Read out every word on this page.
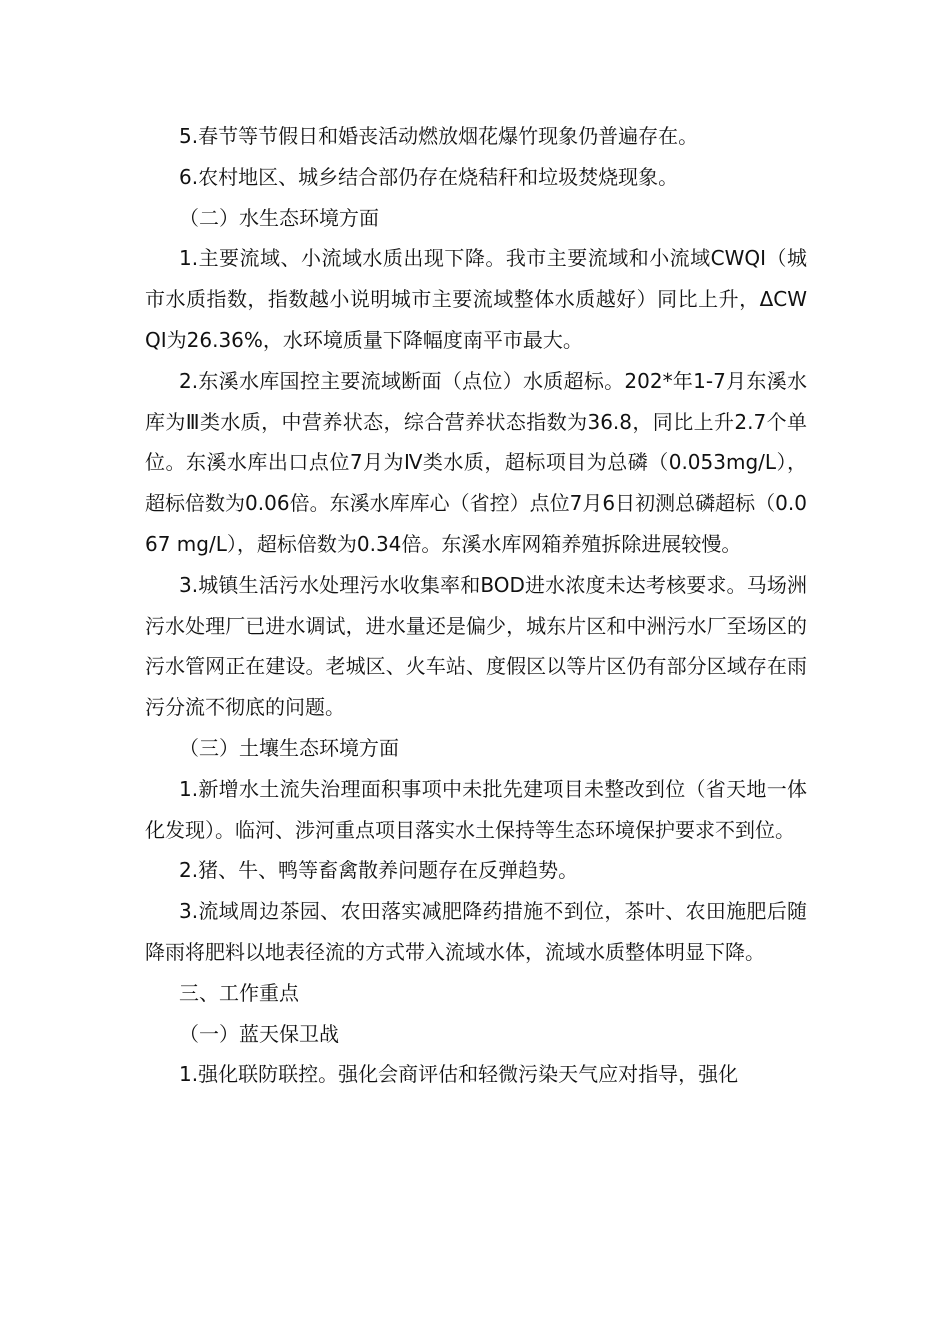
5.春节等节假日和婚丧活动燃放烟花爆竹现象仍普遍存在。

6.农村地区、城乡结合部仍存在烧秸秆和垃圾焚烧现象。

（二）水生态环境方面

1.主要流域、小流域水质出现下降。我市主要流域和小流域CWQI（城市水质指数，指数越小说明城市主要流域整体水质越好）同比上升，ΔCWQI为26.36%，水环境质量下降幅度南平市最大。

2.东溪水库国控主要流域断面（点位）水质超标。202*年1-7月东溪水库为Ⅲ类水质，中营养状态，综合营养状态指数为36.8，同比上升2.7个单位。东溪水库出口点位7月为Ⅳ类水质，超标项目为总磷（0.053mg/L），超标倍数为0.06倍。东溪水库库心（省控）点位7月6日初测总磷超标（0.067 mg/L），超标倍数为0.34倍。东溪水库网箱养殖拆除进展较慢。

3.城镇生活污水处理污水收集率和BOD进水浓度未达考核要求。马场洲污水处理厂已进水调试，进水量还是偏少，城东片区和中洲污水厂至场区的污水管网正在建设。老城区、火车站、度假区以等片区仍有部分区域存在雨污分流不彻底的问题。

（三）土壤生态环境方面

1.新增水土流失治理面积事项中未批先建项目未整改到位（省天地一体化发现）。临河、涉河重点项目落实水土保持等生态环境保护要求不到位。

2.猪、牛、鸭等畜禽散养问题存在反弹趋势。

3.流域周边茶园、农田落实减肥降药措施不到位，茶叶、农田施肥后随降雨将肥料以地表径流的方式带入流域水体，流域水质整体明显下降。

三、工作重点

（一）蓝天保卫战

1.强化联防联控。强化会商评估和轻微污染天气应对指导，强化
